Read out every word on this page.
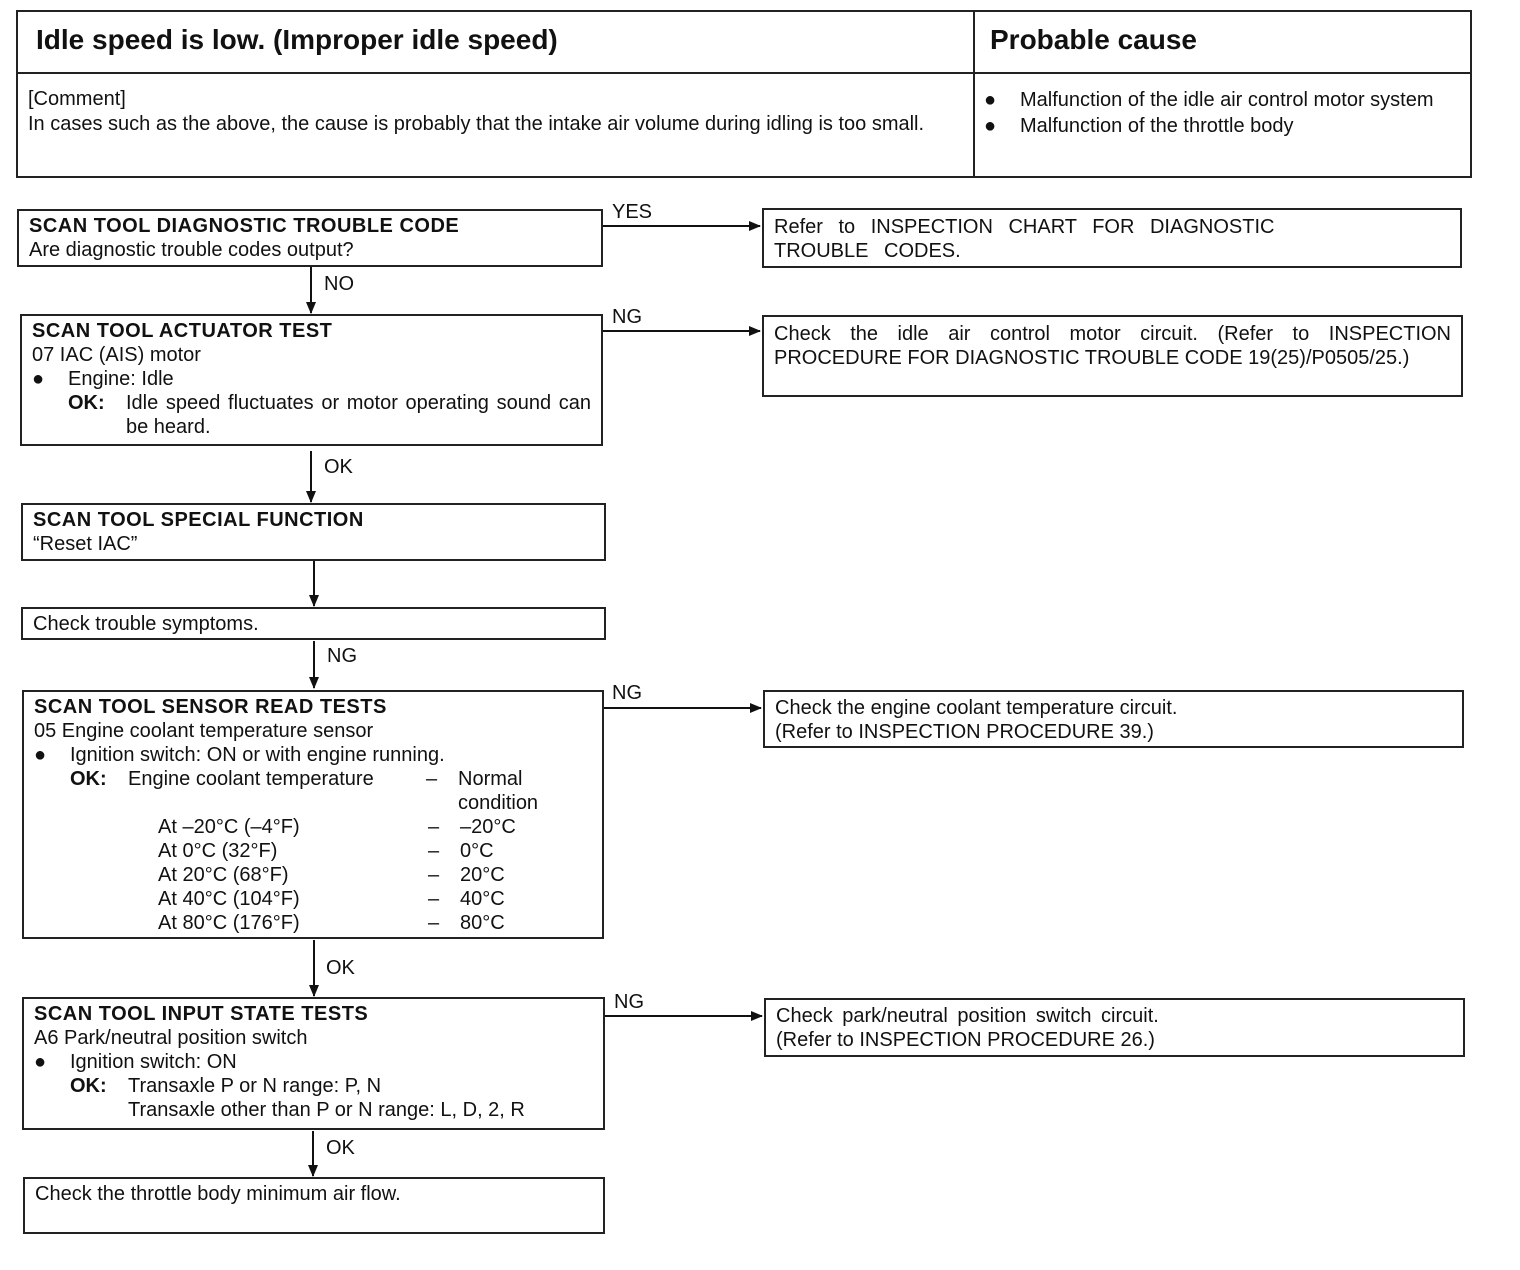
Idle speed is low. (Improper idle speed)	Probable cause
[Comment]
In cases such as the above, the cause is probably that the intake air volume during idling is too small.
●	Malfunction of the idle air control motor system
●	Malfunction of the throttle body
YES
NO
NG
OK
NG
NG
OK
NG
OK
SCAN TOOL DIAGNOSTIC TROUBLE CODE
Are diagnostic trouble codes output?
SCAN TOOL ACTUATOR TEST
07 IAC (AIS) motor
●	Engine: Idle
OK:	Idle speed fluctuates or motor operating sound can be heard.
SCAN TOOL SPECIAL FUNCTION
“Reset IAC”
Check trouble symptoms.
SCAN TOOL SENSOR READ TESTS
05 Engine coolant temperature sensor
●	Ignition switch: ON or with engine running.
OK:	Engine coolant temperature	–	Normal condition
At –20°C (–4°F)	–	–20°C
At 0°C (32°F)	–	0°C
At 20°C (68°F)	–	20°C
At 40°C (104°F)	–	40°C
At 80°C (176°F)	–	80°C
SCAN TOOL INPUT STATE TESTS
A6 Park/neutral position switch
●	Ignition switch: ON
OK:	Transaxle P or N range: P, N
Transaxle other than P or N range: L, D, 2, R
Check the throttle body minimum air flow.
Refer to INSPECTION CHART FOR DIAGNOSTIC TROUBLE CODES.
Check the idle air control motor circuit. (Refer to INSPECTION PROCEDURE FOR DIAGNOSTIC TROUBLE CODE 19(25)/P0505/25.)
Check the engine coolant temperature circuit.
(Refer to INSPECTION PROCEDURE 39.)
Check park/neutral position switch circuit.
(Refer to INSPECTION PROCEDURE 26.)
